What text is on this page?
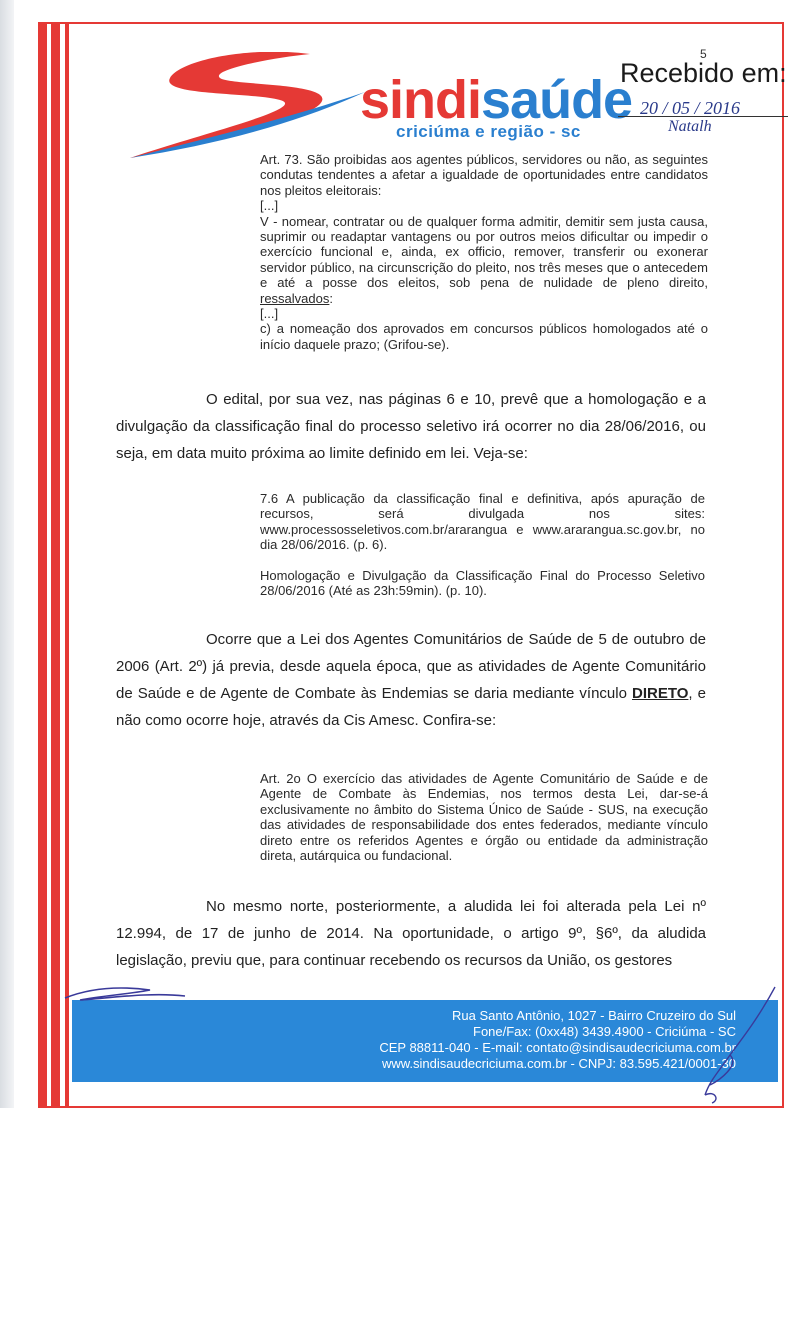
sindisaúde
criciúma e região - sc
5
Recebido em:
20 / 05 / 2016
Natalh

Art. 73. São proibidas aos agentes públicos, servidores ou não, as seguintes condutas tendentes a afetar a igualdade de oportunidades entre candidatos nos pleitos eleitorais:

[...]

V - nomear, contratar ou de qualquer forma admitir, demitir sem justa causa, suprimir ou readaptar vantagens ou por outros meios dificultar ou impedir o exercício funcional e, ainda, ex officio, remover, transferir ou exonerar servidor público, na circunscrição do pleito, nos três meses que o antecedem e até a posse dos eleitos, sob pena de nulidade de pleno direito, ressalvados:

[...]

c) a nomeação dos aprovados em concursos públicos homologados até o início daquele prazo; (Grifou-se).

O edital, por sua vez, nas páginas 6 e 10, prevê que a homologação e a divulgação da classificação final do processo seletivo irá ocorrer no dia 28/06/2016, ou seja, em data muito próxima ao limite definido em lei. Veja-se:

7.6 A publicação da classificação final e definitiva, após apuração de recursos, será divulgada nos sites: www.processosseletivos.com.br/ararangua e www.ararangua.sc.gov.br, no dia 28/06/2016. (p. 6).

Homologação e Divulgação da Classificação Final do Processo Seletivo 28/06/2016 (Até as 23h:59min). (p. 10).

Ocorre que a Lei dos Agentes Comunitários de Saúde de 5 de outubro de 2006 (Art. 2º) já previa, desde aquela época, que as atividades de Agente Comunitário de Saúde e de Agente de Combate às Endemias se daria mediante vínculo DIRETO, e não como ocorre hoje, através da Cis Amesc. Confira-se:

Art. 2o O exercício das atividades de Agente Comunitário de Saúde e de Agente de Combate às Endemias, nos termos desta Lei, dar-se-á exclusivamente no âmbito do Sistema Único de Saúde - SUS, na execução das atividades de responsabilidade dos entes federados, mediante vínculo direto entre os referidos Agentes e órgão ou entidade da administração direta, autárquica ou fundacional.

No mesmo norte, posteriormente, a aludida lei foi alterada pela Lei nº 12.994, de 17 de junho de 2014. Na oportunidade, o artigo 9º, §6º, da aludida legislação, previu que, para continuar recebendo os recursos da União, os gestores

Rua Santo Antônio, 1027 - Bairro Cruzeiro do Sul
Fone/Fax: (0xx48) 3439.4900 - Criciúma - SC
CEP 88811-040 - E-mail: contato@sindisaudecriciuma.com.br
www.sindisaudecriciuma.com.br - CNPJ: 83.595.421/0001-30
